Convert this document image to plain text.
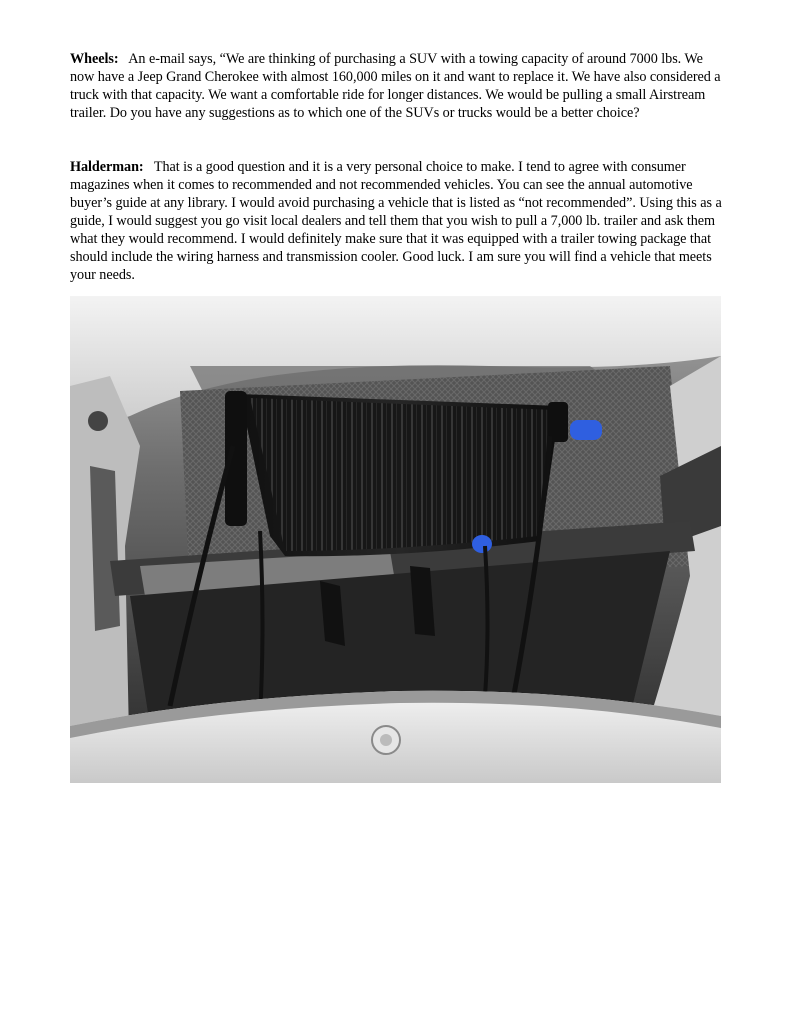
Wheels: An e-mail says, “We are thinking of purchasing a SUV with a towing capacity of around 7000 lbs. We now have a Jeep Grand Cherokee with almost 160,000 miles on it and want to replace it. We have also considered a truck with that capacity. We want a comfortable ride for longer distances. We would be pulling a small Airstream trailer. Do you have any suggestions as to which one of the SUVs or trucks would be a better choice?
Halderman: That is a good question and it is a very personal choice to make. I tend to agree with consumer magazines when it comes to recommended and not recommended vehicles. You can see the annual automotive buyer’s guide at any library. I would avoid purchasing a vehicle that is listed as “not recommended”. Using this as a guide, I would suggest you go visit local dealers and tell them that you wish to pull a 7,000 lb. trailer and ask them what they would recommend. I would definitely make sure that it was equipped with a trailer towing package that should include the wiring harness and transmission cooler. Good luck. I am sure you will find a vehicle that meets your needs.
